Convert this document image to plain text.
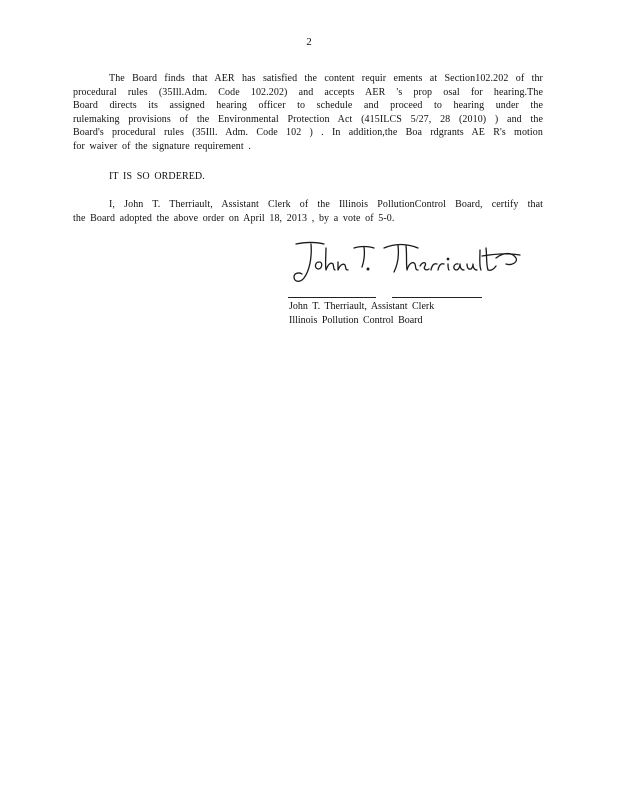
2
The Board finds that AER has satisfied the content requir ements at Section102.202 of thr
procedural rules (35Ill.Adm. Code 102.202) and accepts AER 's prop osal for hearing.The
Board directs its assigned hearing officer to schedule and proceed to hearing under the
rulemaking provisions of the Environmental Protection Act (415ILCS 5/27, 28 (2010) ) and the
Board's procedural rules (35Ill. Adm. Code 102 ) . In addition,the Boa rdgrants AE R's motion
for waiver of the signature requirement .
IT IS SO ORDERED.
I, John T. Therriault, Assistant Clerk of the Illinois PollutionControl Board, certify that
the Board adopted the above order on April 18, 2013 , by a vote of 5-0.
John T. Therriault, Assistant Clerk
Illinois Pollution Control Board
